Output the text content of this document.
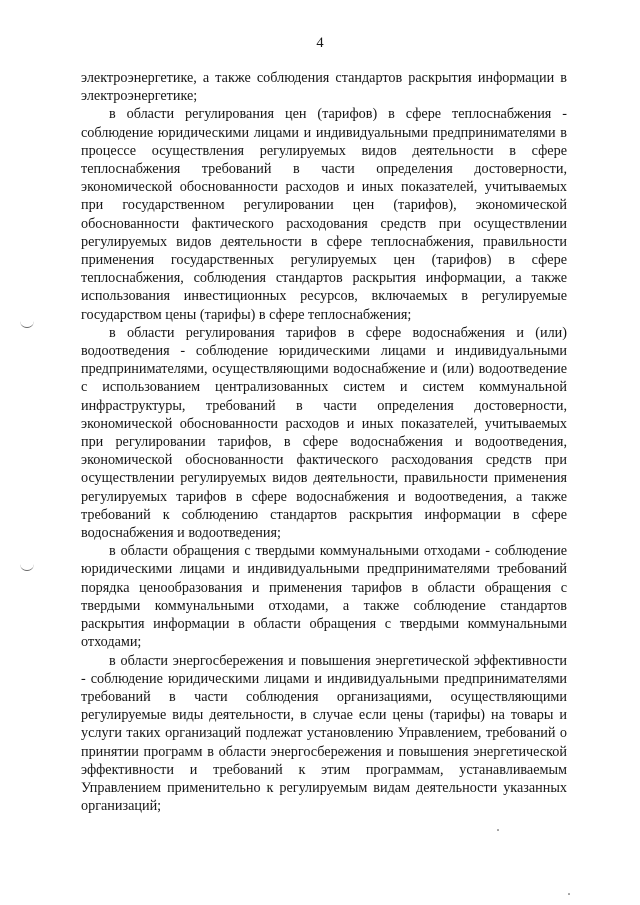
4

электроэнергетике, а также соблюдения стандартов раскрытия информации в электроэнергетике;

в области регулирования цен (тарифов) в сфере теплоснабжения - соблюдение юридическими лицами и индивидуальными предпринимателями в процессе осуществления регулируемых видов деятельности в сфере теплоснабжения требований в части определения достоверности, экономической обоснованности расходов и иных показателей, учитываемых при государственном регулировании цен (тарифов), экономической обоснованности фактического расходования средств при осуществлении регулируемых видов деятельности в сфере теплоснабжения, правильности применения государственных регулируемых цен (тарифов) в сфере теплоснабжения, соблюдения стандартов раскрытия информации, а также использования инвестиционных ресурсов, включаемых в регулируемые государством цены (тарифы) в сфере теплоснабжения;

в области регулирования тарифов в сфере водоснабжения и (или) водоотведения - соблюдение юридическими лицами и индивидуальными предпринимателями, осуществляющими водоснабжение и (или) водоотведение с использованием централизованных систем и систем коммунальной инфраструктуры, требований в части определения достоверности, экономической обоснованности расходов и иных показателей, учитываемых при регулировании тарифов, в сфере водоснабжения и водоотведения, экономической обоснованности фактического расходования средств при осуществлении регулируемых видов деятельности, правильности применения регулируемых тарифов в сфере водоснабжения и водоотведения, а также требований к соблюдению стандартов раскрытия информации в сфере водоснабжения и водоотведения;

в области обращения с твердыми коммунальными отходами - соблюдение юридическими лицами и индивидуальными предпринимателями требований порядка ценообразования и применения тарифов в области обращения с твердыми коммунальными отходами, а также соблюдение стандартов раскрытия информации в области обращения с твердыми коммунальными отходами;

в области энергосбережения и повышения энергетической эффективности - соблюдение юридическими лицами и индивидуальными предпринимателями требований в части соблюдения организациями, осуществляющими регулируемые виды деятельности, в случае если цены (тарифы) на товары и услуги таких организаций подлежат установлению Управлением, требований о принятии программ в области энергосбережения и повышения энергетической эффективности и требований к этим программам, устанавливаемым Управлением применительно к регулируемым видам деятельности указанных организаций;
